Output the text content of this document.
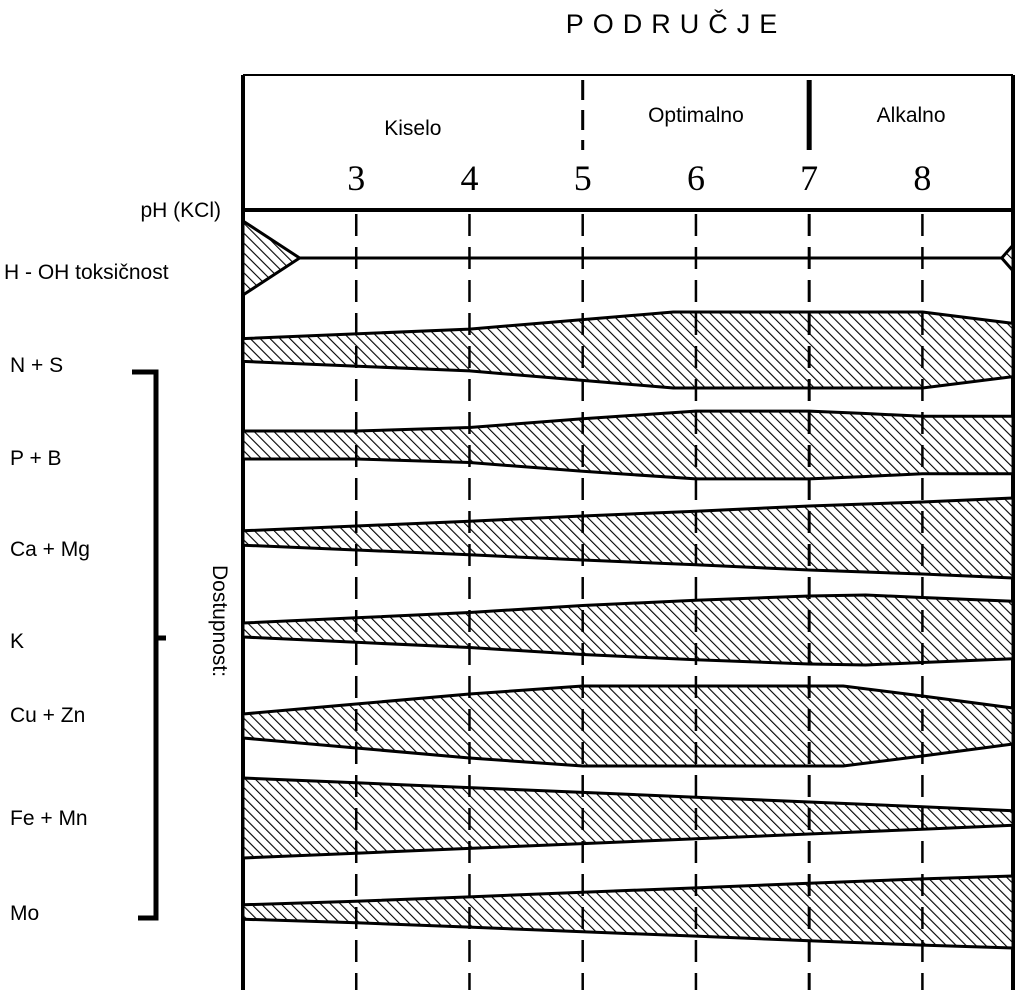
PODRUČJE
Kiselo
Optimalno	Alkalno
3	4	5	6	7	8
N + S
P + B
Ca + Mg
K
Cu + Zn
Fe + Mn
Mo
pH (KCl)
H - OH toksičnost
Dostupnost:
